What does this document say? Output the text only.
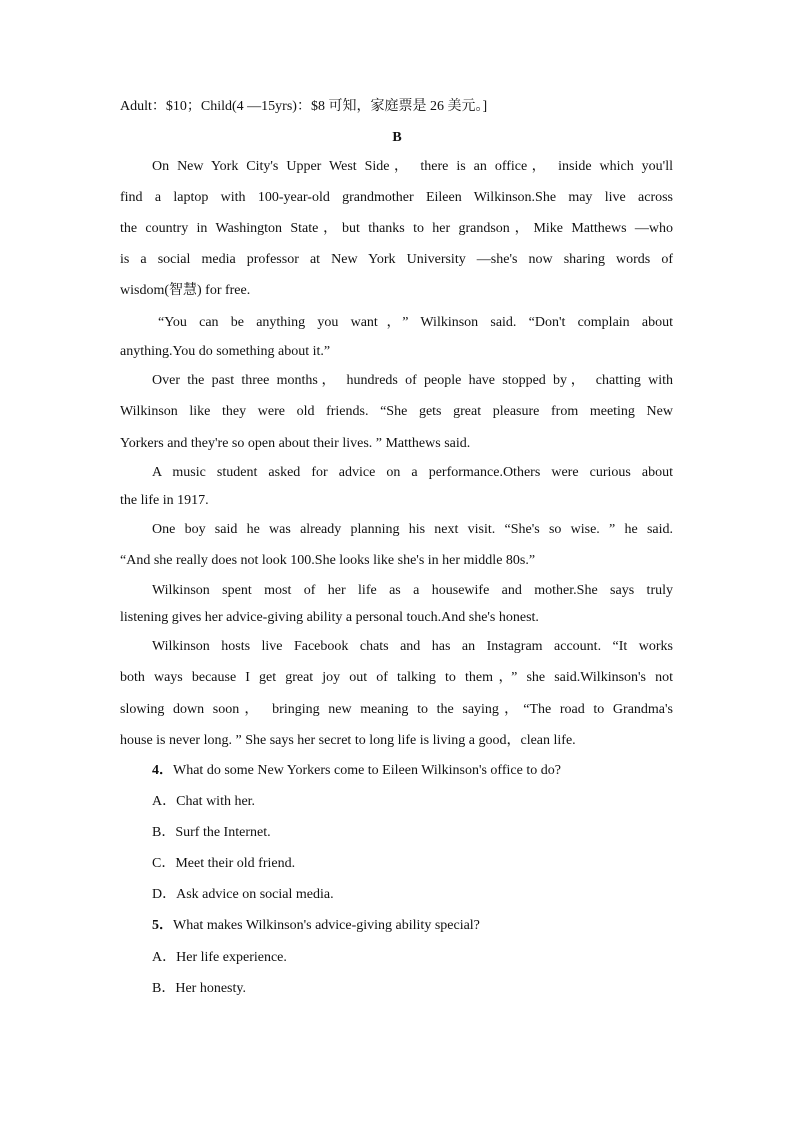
Adult：$10；Child(4 —15yrs)：$8 可知，家庭票是 26 美元。]
B
On New York City's Upper West Side， there is an office， inside which you'll
find a laptop with 100-year-old grandmother Eileen Wilkinson.She may live across
the country in Washington State，but thanks to her grandson，Mike Matthews —who
is a social media professor at New York University —she's now sharing words of
wisdom(智慧) for free.
“You can be anything you want，” Wilkinson said. “Don't complain about
anything.You do something about it.”
Over the past three months， hundreds of people have stopped by， chatting with
Wilkinson like they were old friends. “She gets great pleasure from meeting New
Yorkers and they're so open about their lives. ” Matthews said.
A music student asked for advice on a performance.Others were curious about
the life in 1917.
One boy said he was already planning his next visit. “She's so wise. ” he said.
“And she really does not look 100.She looks like she's in her middle 80s.”
Wilkinson spent most of her life as a housewife and mother.She says truly
listening gives her advice-giving ability a personal touch.And she's honest.
Wilkinson hosts live Facebook chats and has an Instagram account. “It works
both ways because I get great joy out of talking to them，” she said.Wilkinson's not
slowing down soon， bringing new meaning to the saying，“The road to Grandma's
house is never long. ” She says her secret to long life is living a good，clean life.
4．What do some New Yorkers come to Eileen Wilkinson's office to do?
A．Chat with her.
B．Surf the Internet.
C．Meet their old friend.
D．Ask advice on social media.
5．What makes Wilkinson's advice-giving ability special?
A．Her life experience.
B．Her honesty.
